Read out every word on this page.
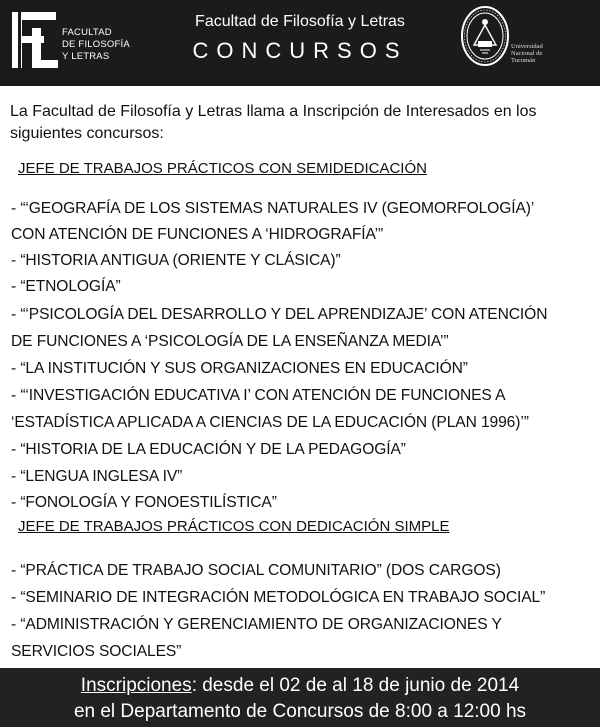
FACULTAD
DE FILOSOFÍA
Y LETRAS
Facultad de Filosofía y Letras
CONCURSOS	Universidad
Nacional de
Tucumán
La Facultad de Filosofía y Letras llama a Inscripción de Interesados en los siguientes concursos:
JEFE DE TRABAJOS PRÁCTICOS CON SEMIDEDICACIÓN
- “‘GEOGRAFÍA DE LOS SISTEMAS NATURALES IV (GEOMORFOLOGÍA)’
CON ATENCIÓN DE FUNCIONES A ‘HIDROGRAFÍA’”
- “HISTORIA ANTIGUA (ORIENTE Y CLÁSICA)”
- “ETNOLOGÍA”
- “‘PSICOLOGÍA DEL DESARROLLO Y DEL APRENDIZAJE’ CON ATENCIÓN
DE FUNCIONES A ‘PSICOLOGÍA DE LA ENSEÑANZA MEDIA’”
- “LA INSTITUCIÓN Y SUS ORGANIZACIONES EN EDUCACIÓN”
- “‘INVESTIGACIÓN EDUCATIVA I’ CON ATENCIÓN DE FUNCIONES A
‘ESTADÍSTICA APLICADA A CIENCIAS DE LA EDUCACIÓN (PLAN 1996)’”
- “HISTORIA DE LA EDUCACIÓN Y DE LA PEDAGOGÍA”
- “LENGUA INGLESA IV”
- “FONOLOGÍA Y FONOESTILÍSTICA”
JEFE DE TRABAJOS PRÁCTICOS CON DEDICACIÓN SIMPLE
- “PRÁCTICA DE TRABAJO SOCIAL COMUNITARIO” (DOS CARGOS)
- “SEMINARIO DE INTEGRACIÓN METODOLÓGICA EN TRABAJO SOCIAL”
- “ADMINISTRACIÓN Y GERENCIAMIENTO DE ORGANIZACIONES Y
SERVICIOS SOCIALES”
Inscripciones: desde el 02 de al 18 de junio de 2014
en el Departamento de Concursos de 8:00 a 12:00 hs
